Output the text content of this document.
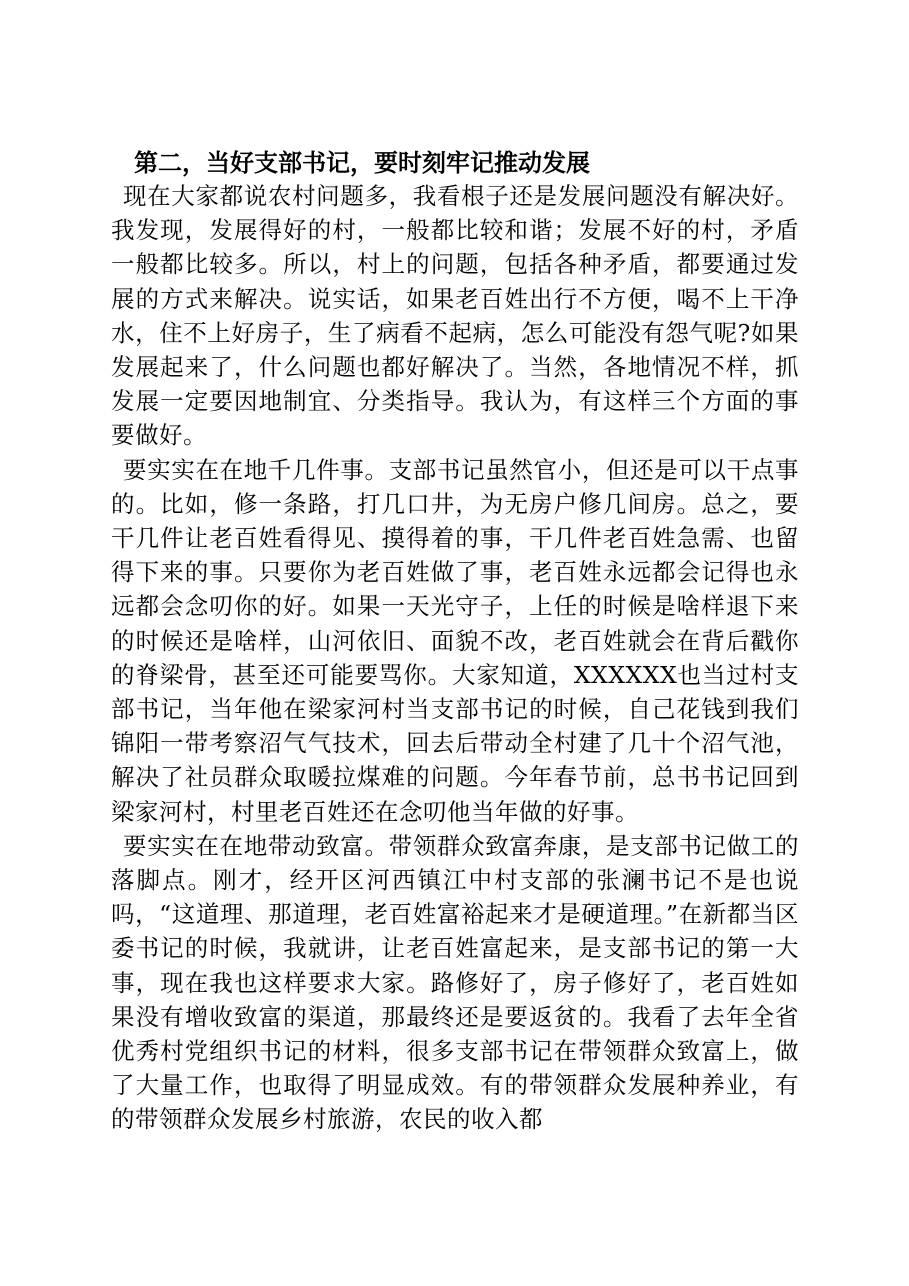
第二，当好支部书记，要时刻牢记推动发展

现在大家都说农村问题多，我看根子还是发展问题没有解决好。我发现，发展得好的村，一般都比较和谐；发展不好的村，矛盾一般都比较多。所以，村上的问题，包括各种矛盾，都要通过发展的方式来解决。说实话，如果老百姓出行不方便，喝不上干净水，住不上好房子，生了病看不起病，怎么可能没有怨气呢?如果发展起来了，什么问题也都好解决了。当然，各地情况不样，抓发展一定要因地制宜、分类指导。我认为，有这样三个方面的事要做好。

要实实在在地千几件事。支部书记虽然官小，但还是可以干点事的。比如，修一条路，打几口井，为无房户修几间房。总之，要干几件让老百姓看得见、摸得着的事，干几件老百姓急需、也留得下来的事。只要你为老百姓做了事，老百姓永远都会记得也永远都会念叨你的好。如果一天光守子，上任的时候是啥样退下来的时候还是啥样，山河依旧、面貌不改，老百姓就会在背后戳你的脊梁骨，甚至还可能要骂你。大家知道，XXXXXX也当过村支部书记，当年他在梁家河村当支部书记的时候，自己花钱到我们锦阳一带考察沼气气技术，回去后带动全村建了几十个沼气池，解决了社员群众取暖拉煤难的问题。今年春节前，总书书记回到梁家河村，村里老百姓还在念叨他当年做的好事。

要实实在在地带动致富。带领群众致富奔康，是支部书记做工的落脚点。刚才，经开区河西镇江中村支部的张澜书记不是也说吗，“这道理、那道理，老百姓富裕起来才是硬道理。”在新都当区委书记的时候，我就讲，让老百姓富起来，是支部书记的第一大事，现在我也这样要求大家。路修好了，房子修好了，老百姓如果没有增收致富的渠道，那最终还是要返贫的。我看了去年全省优秀村党组织书记的材料，很多支部书记在带领群众致富上，做了大量工作，也取得了明显成效。有的带领群众发展种养业，有的带领群众发展乡村旅游，农民的收入都
